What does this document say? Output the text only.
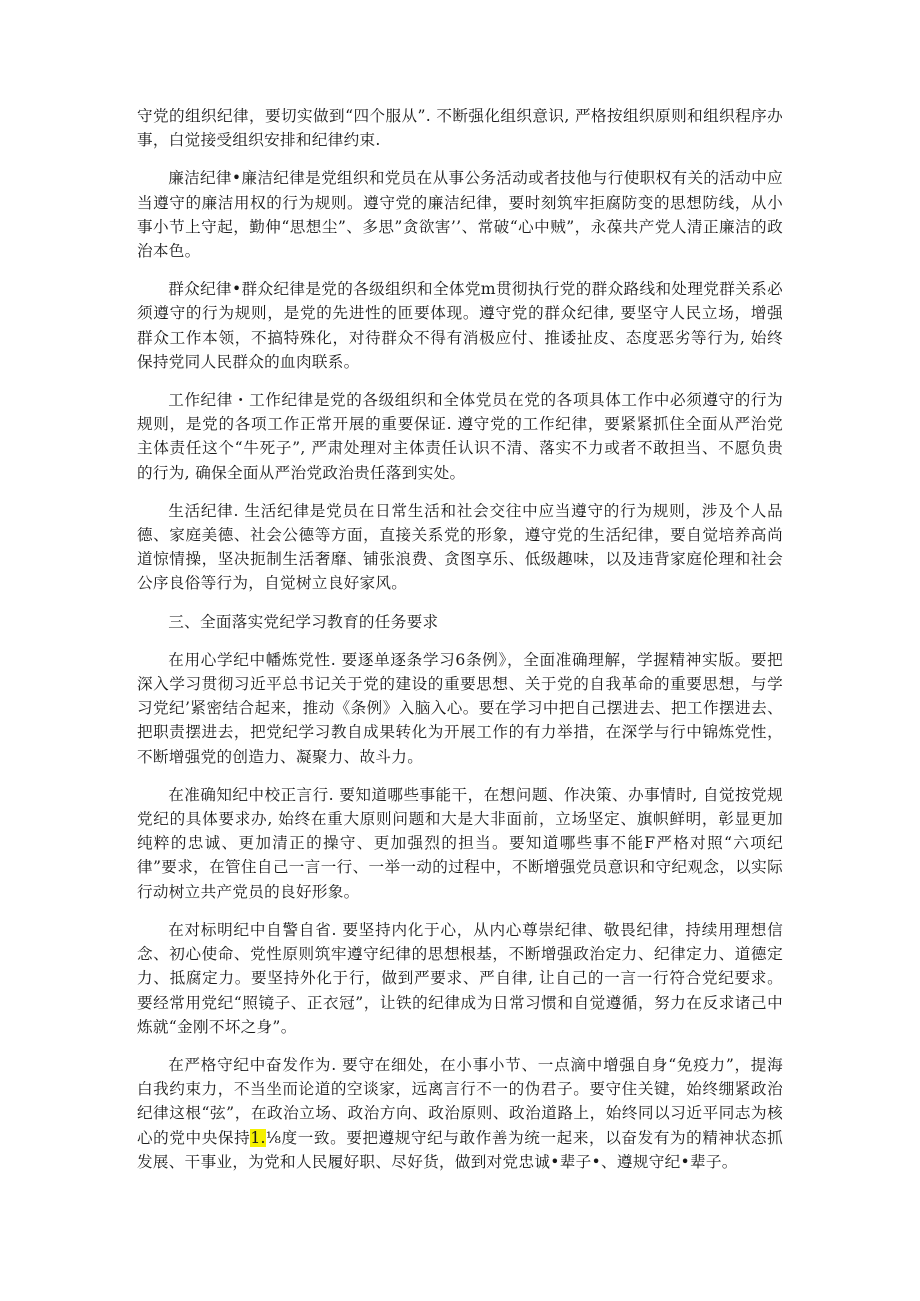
守党的组织纪律，要切实做到“四个服从”. 不断强化组织意识, 严格按组织原则和组织程序办事，白觉接受组织安排和纪律约束.

廉洁纪律•廉洁纪律是党组织和党员在从事公务活动或者技他与行使职权有关的活动中应当遵守的廉洁用权的行为规则。遵守党的廉洁纪律，要时刻筑牢拒腐防变的思想防线，从小事小节上守起，勤伸“思想尘”、多思”贪欲害’’、常破“心中贼”，永葆共产党人清正廉洁的政治本色。

群众纪律•群众纪律是党的各级组织和全体党m贯彻执行党的群众路线和处理党群关系必须遵守的行为规则，是党的先进性的匝要体现。遵守党的群众纪律, 要坚守人民立场，增强群众工作本领，不搞特殊化，对待群众不得有消极应付、推诿扯皮、态度恶劣等行为, 始终保持党同人民群众的血肉联系。

工作纪律・工作纪律是党的各级组织和全体党员在党的各项具体工作中必须遵守的行为规则，是党的各项工作正常开展的重要保证. 遵守党的工作纪律，要紧紧抓住全面从严治党主体责任这个“牛死子”, 严肃处理对主体责任认识不清、落实不力或者不敢担当、不愿负贵的行为, 确保全面从严治党政治贵任落到实处。

生活纪律. 生活纪律是党员在日常生活和社会交往中应当遵守的行为规则，涉及个人品德、家庭美德、社会公德等方面，直接关系党的形象，遵守党的生活纪律，要自觉培养高尚道惊情操，坚决扼制生活奢靡、铺张浪费、贪图享乐、低级趣味，以及违背家庭伦理和社会公序良俗等行为，自觉树立良好家风。

三、全面落实党纪学习教育的任务要求

在用心学纪中幡炼党性. 要逐单逐条学习6条例》，全面准确理解，学握精神实版。要把深入学习贯彻习近平总书记关于党的建设的重要思想、关于党的自我革命的重要思想，与学习党纪’紧密结合起来，推动《条例》入脑入心。要在学习中把自己摆进去、把工作摆进去、把职责摆进去，把党纪学习教自成果转化为开展工作的有力举措，在深学与行中锦炼党性，不断增强党的创造力、凝聚力、故斗力。

在准确知纪中校正言行. 要知道哪些事能干，在想问题、作决策、办事情时, 自觉按党规党纪的具体要求办, 始终在重大原则问题和大是大非面前，立场坚定、旗帜鲜明，彰显更加纯粹的忠诚、更加清正的操守、更加强烈的担当。要知道哪些事不能F严格对照“六项纪律”要求，在管住自己一言一行、一举一动的过程中，不断增强党员意识和守纪观念，以实际行动树立共产党员的良好形象。

在对标明纪中自警自省. 要坚持内化于心，从内心尊崇纪律、敬畏纪律，持续用理想信念、初心使命、党性原则筑牢遵守纪律的思想根基，不断增强政治定力、纪律定力、道德定力、抵腐定力。要坚持外化于行，做到严要求、严自律, 让自己的一言一行符合党纪要求。要经常用党纪“照镜子、正衣冠”，让铁的纪律成为日常习惯和自觉遵循，努力在反求诸己中炼就“金刚不坏之身”。

在严格守纪中奋发作为. 要守在细处，在小事小节、一点滴中增强自身“免疫力”，提海白我约束力，不当坐而论道的空谈家，远离言行不一的伪君子。要守住关键，始终绷紧政治纪律这根“弦”，在政治立场、政治方向、政治原则、政治道路上，始终同以习近平同志为核心的党中央保持1.⅛度一致。要把遵规守纪与敢作善为统一起来，以奋发有为的精神状态抓发展、干事业，为党和人民履好职、尽好货，做到对党忠诚•辈子•、遵规守纪•辈子。
